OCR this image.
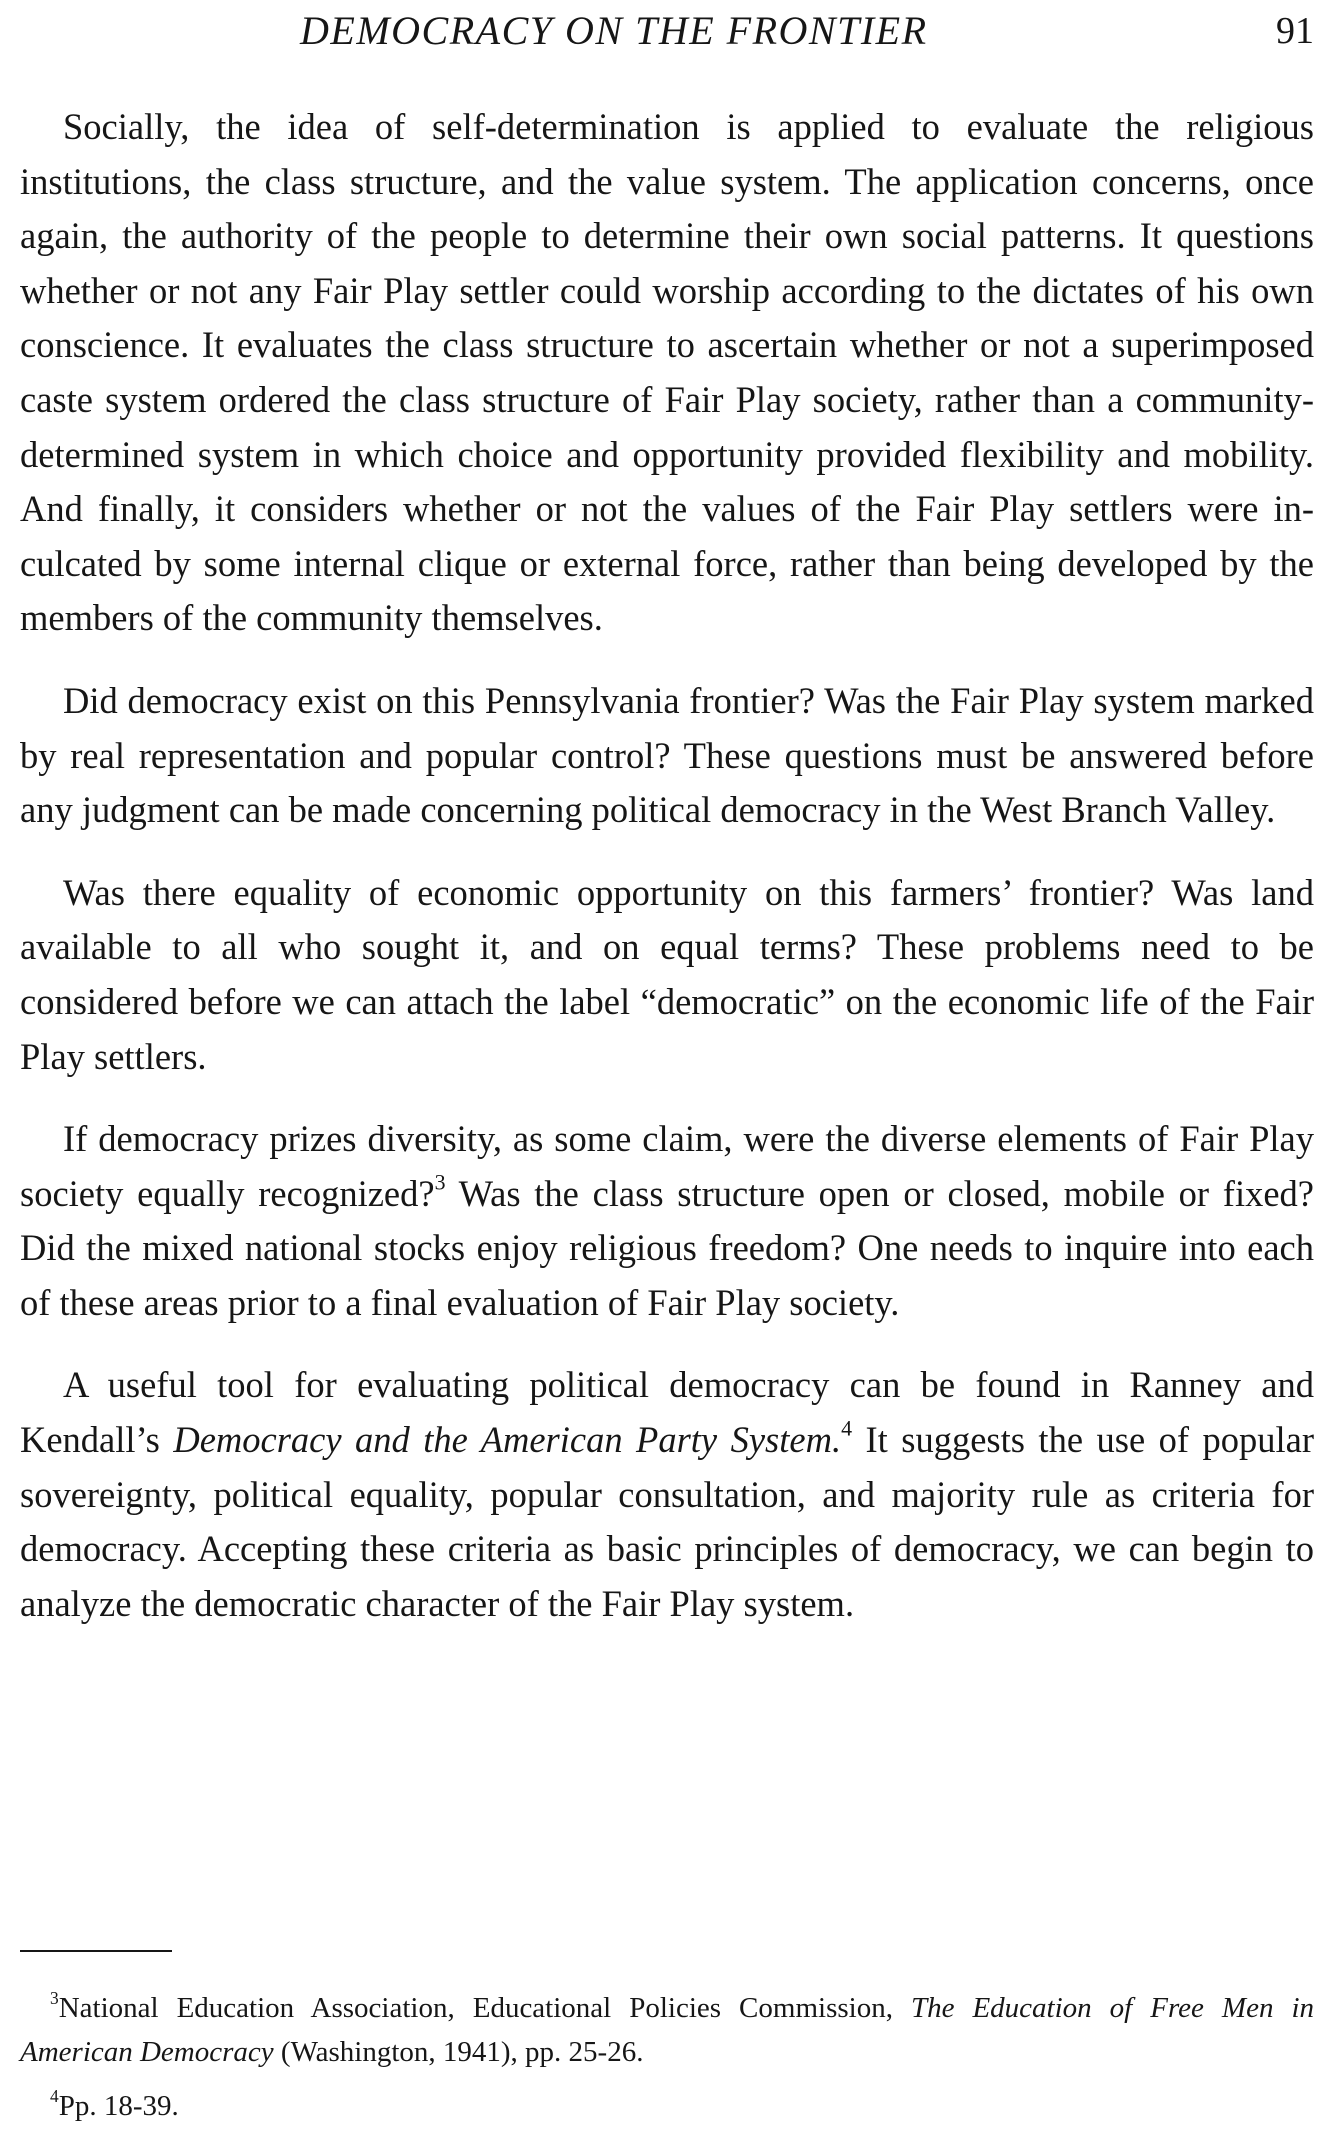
DEMOCRACY ON THE FRONTIER	91

Socially, the idea of self-determination is applied to evaluate the religious institutions, the class structure, and the value system. The application concerns, once again, the authority of the people to determine their own social patterns. It questions whether or not any Fair Play settler could worship according to the dictates of his own conscience. It evaluates the class structure to ascertain whether or not a superimposed caste system ordered the class structure of Fair Play society, rather than a community-determined system in which choice and opportunity provided flexibility and mobility. And finally, it considers whether or not the values of the Fair Play settlers were inculcated by some internal clique or external force, rather than being developed by the members of the community themselves.

Did democracy exist on this Pennsylvania frontier? Was the Fair Play system marked by real representation and popular control? These questions must be answered before any judgment can be made concerning political democracy in the West Branch Valley.

Was there equality of economic opportunity on this farmers’ frontier? Was land available to all who sought it, and on equal terms? These problems need to be considered before we can attach the label “democratic” on the economic life of the Fair Play settlers.

If democracy prizes diversity, as some claim, were the diverse elements of Fair Play society equally recognized?$^3$ Was the class structure open or closed, mobile or fixed? Did the mixed national stocks enjoy religious freedom? One needs to inquire into each of these areas prior to a final evaluation of Fair Play society.

A useful tool for evaluating political democracy can be found in Ranney and Kendall’s Democracy and the American Party System.$^4$ It suggests the use of popular sovereignty, political equality, popular consultation, and majority rule as criteria for democracy. Accepting these criteria as basic principles of democracy, we can begin to analyze the democratic character of the Fair Play system.

$^3$National Education Association, Educational Policies Commission, The Education of Free Men in American Democracy (Washington, 1941), pp. 25-26.

$^4$Pp. 18-39.
